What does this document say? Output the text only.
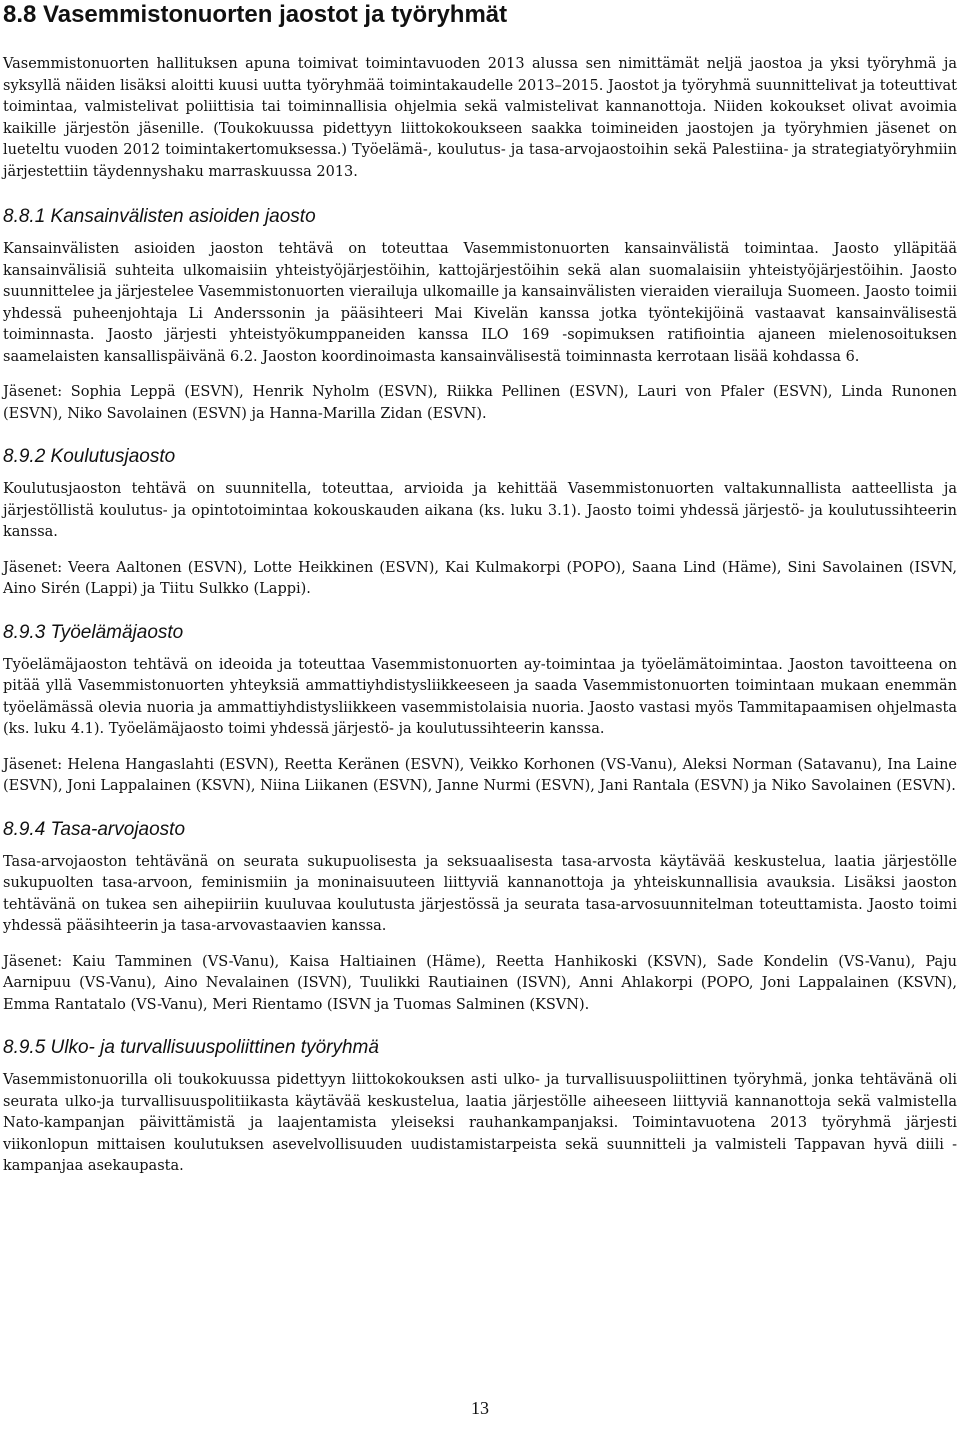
8.8 Vasemmistonuorten jaostot ja työryhmät

Vasemmistonuorten hallituksen apuna toimivat toimintavuoden 2013 alussa sen nimittämät neljä jaostoa ja yksi työryhmä ja syksyllä näiden lisäksi aloitti kuusi uutta työryhmää toimintakaudelle 2013–2015. Jaostot ja työryhmä suunnittelivat ja toteuttivat toimintaa, valmistelivat poliittisia tai toiminnallisia ohjelmia sekä valmistelivat kannanottoja. Niiden kokoukset olivat avoimia kaikille järjestön jäsenille. (Toukokuussa pidettyyn liittokokoukseen saakka toimineiden jaostojen ja työryhmien jäsenet on lueteltu vuoden 2012 toimintakertomuksessa.) Työelämä-, koulutus- ja tasa-arvojaostoihin sekä Palestiina- ja strategiatyöryhmiin järjestettiin täydennyshaku marraskuussa 2013.

8.8.1 Kansainvälisten asioiden jaosto

Kansainvälisten asioiden jaoston tehtävä on toteuttaa Vasemmistonuorten kansainvälistä toimintaa. Jaosto ylläpitää kansainvälisiä suhteita ulkomaisiin yhteistyöjärjestöihin, kattojärjestöihin sekä alan suomalaisiin yhteistyöjärjestöihin. Jaosto suunnittelee ja järjestelee Vasemmistonuorten vierailuja ulkomaille ja kansainvälisten vieraiden vierailuja Suomeen. Jaosto toimii yhdessä puheenjohtaja Li Anderssonin ja pääsihteeri Mai Kivelän kanssa jotka työntekijöinä vastaavat kansainvälisestä toiminnasta. Jaosto järjesti yhteistyökumppaneiden kanssa ILO 169 -sopimuksen ratifiointia ajaneen mielenosoituksen saamelaisten kansallispäivänä 6.2. Jaoston koordinoimasta kansainvälisestä toiminnasta kerrotaan lisää kohdassa 6.

Jäsenet: Sophia Leppä (ESVN), Henrik Nyholm (ESVN), Riikka Pellinen (ESVN), Lauri von Pfaler (ESVN), Linda Runonen (ESVN), Niko Savolainen (ESVN) ja Hanna-Marilla Zidan (ESVN).

8.9.2 Koulutusjaosto

Koulutusjaoston tehtävä on suunnitella, toteuttaa, arvioida ja kehittää Vasemmistonuorten valtakunnallista aatteellista ja järjestöllistä koulutus- ja opintotoimintaa kokouskauden aikana (ks. luku 3.1). Jaosto toimi yhdessä järjestö- ja koulutussihteerin kanssa.

Jäsenet: Veera Aaltonen (ESVN), Lotte Heikkinen (ESVN), Kai Kulmakorpi (POPO), Saana Lind (Häme), Sini Savolainen (ISVN, Aino Sirén (Lappi) ja Tiitu Sulkko (Lappi).

8.9.3 Työelämäjaosto

Työelämäjaoston tehtävä on ideoida ja toteuttaa Vasemmistonuorten ay-toimintaa ja työelämätoimintaa. Jaoston tavoitteena on pitää yllä Vasemmistonuorten yhteyksiä ammattiyhdistysliikkeeseen ja saada Vasemmistonuorten toimintaan mukaan enemmän työelämässä olevia nuoria ja ammattiyhdistysliikkeen vasemmistolaisia nuoria. Jaosto vastasi myös Tammitapaamisen ohjelmasta (ks. luku 4.1). Työelämäjaosto toimi yhdessä järjestö- ja koulutussihteerin kanssa.

Jäsenet: Helena Hangaslahti (ESVN), Reetta Keränen (ESVN), Veikko Korhonen (VS-Vanu), Aleksi Norman (Satavanu), Ina Laine (ESVN), Joni Lappalainen (KSVN), Niina Liikanen (ESVN), Janne Nurmi (ESVN), Jani Rantala (ESVN) ja Niko Savolainen (ESVN).

8.9.4 Tasa-arvojaosto

Tasa-arvojaoston tehtävänä on seurata sukupuolisesta ja seksuaalisesta tasa-arvosta käytävää keskustelua, laatia järjestölle sukupuolten tasa-arvoon, feminismiin ja moninaisuuteen liittyviä kannanottoja ja yhteiskunnallisia avauksia. Lisäksi jaoston tehtävänä on tukea sen aihepiiriin kuuluvaa koulutusta järjestössä ja seurata tasa-arvosuunnitelman toteuttamista. Jaosto toimi yhdessä pääsihteerin ja tasa-arvovastaavien kanssa.

Jäsenet: Kaiu Tamminen (VS-Vanu), Kaisa Haltiainen (Häme), Reetta Hanhikoski (KSVN), Sade Kondelin (VS-Vanu), Paju Aarnipuu (VS-Vanu), Aino Nevalainen (ISVN), Tuulikki Rautiainen (ISVN), Anni Ahlakorpi (POPO, Joni Lappalainen (KSVN), Emma Rantatalo (VS-Vanu), Meri Rientamo (ISVN ja Tuomas Salminen (KSVN).

8.9.5 Ulko- ja turvallisuuspoliittinen työryhmä

Vasemmistonuorilla oli toukokuussa pidettyyn liittokokouksen asti ulko- ja turvallisuuspoliittinen työryhmä, jonka tehtävänä oli seurata ulko-ja turvallisuuspolitiikasta käytävää keskustelua, laatia järjestölle aiheeseen liittyviä kannanottoja sekä valmistella Nato-kampanjan päivittämistä ja laajentamista yleiseksi rauhankampanjaksi. Toimintavuotena 2013 työryhmä järjesti viikonlopun mittaisen koulutuksen asevelvollisuuden uudistamistarpeista sekä suunnitteli ja valmisteli Tappavan hyvä diili -kampanjaa asekaupasta.

13
